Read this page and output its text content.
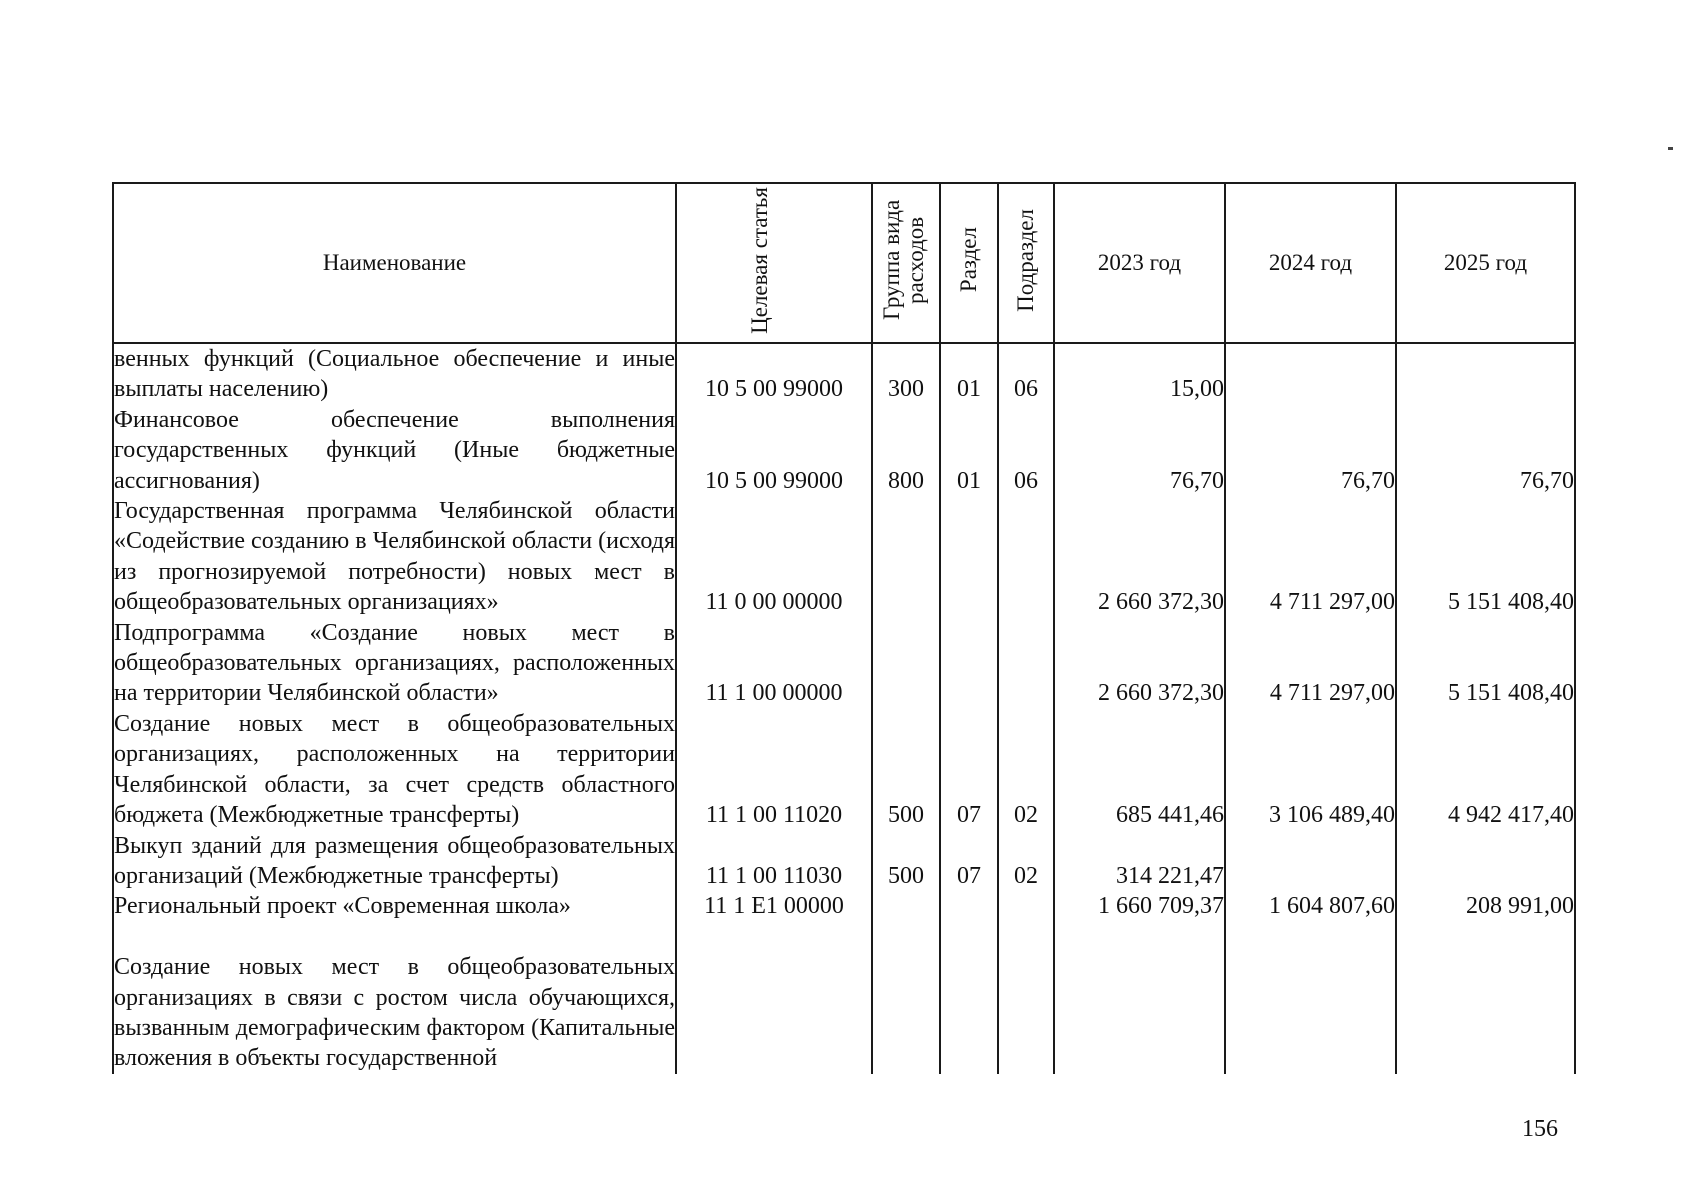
Наименование	Целевая статья	Группа вида расходов	Раздел	Подраздел	2023 год	2024 год	2025 год
венных функций (Социальное обеспечение и иные выплаты населению)	10 5 00 99000	300	01	06	15,00		
Финансовое обеспечение выполнения государственных функций (Иные бюджетные ассигнования)	10 5 00 99000	800	01	06	76,70	76,70	76,70
Государственная программа Челябинской области «Содействие созданию в Челябинской области (исходя из прогнозируемой потребности) новых мест в общеобразовательных организациях»	11 0 00 00000				2 660 372,30	4 711 297,00	5 151 408,40
Подпрограмма «Создание новых мест в общеобразовательных организациях, расположенных на территории Челябинской области»	11 1 00 00000				2 660 372,30	4 711 297,00	5 151 408,40
Создание новых мест в общеобразовательных организациях, расположенных на территории Челябинской области, за счет средств областного бюджета (Межбюджетные трансферты)	11 1 00 11020	500	07	02	685 441,46	3 106 489,40	4 942 417,40
Выкуп зданий для размещения общеобразовательных организаций (Межбюджетные трансферты)	11 1 00 11030	500	07	02	314 221,47		
Региональный проект «Современная школа»	11 1 E1 00000				1 660 709,37	1 604 807,60	208 991,00
Создание новых мест в общеобразовательных организациях в связи с ростом числа обучающихся, вызванным демографическим фактором (Капитальные вложения в объекты государственной							
156
